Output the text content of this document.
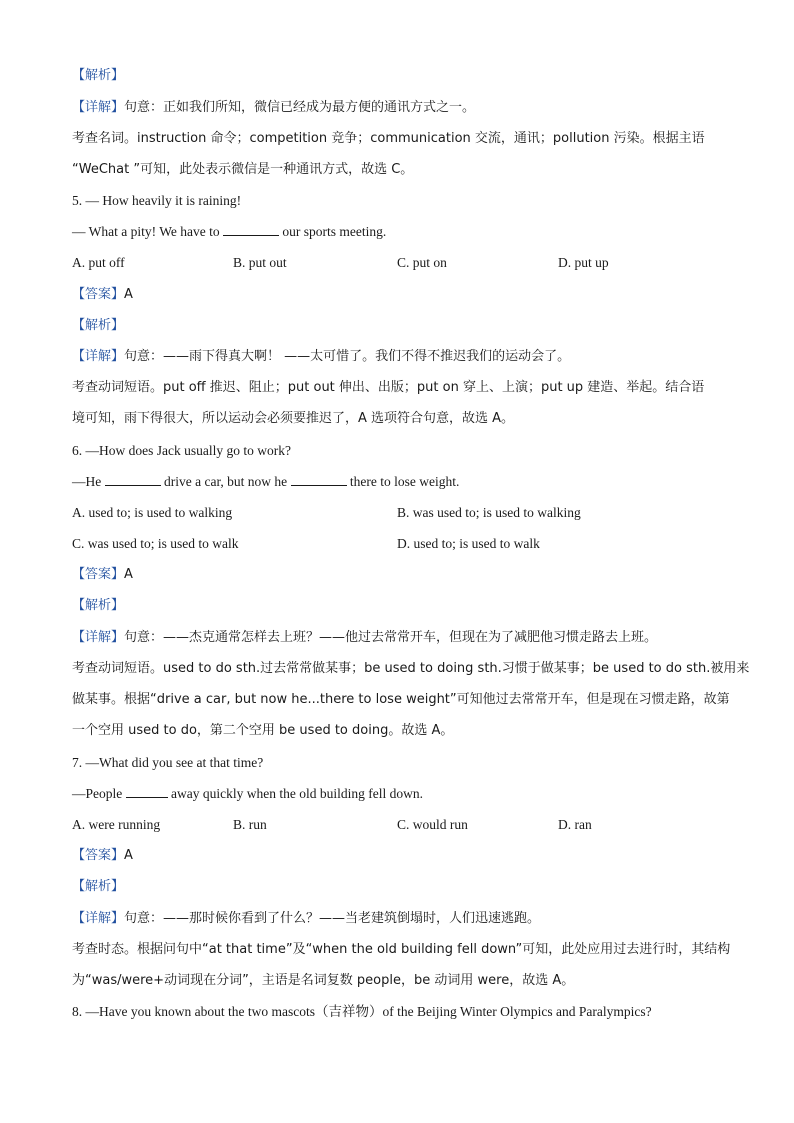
【解析】
【详解】句意：正如我们所知，微信已经成为最方便的通讯方式之一。
考查名词。instruction 命令；competition 竞争；communication 交流，通讯；pollution 污染。根据主语
“WeChat ”可知，此处表示微信是一种通讯方式，故选 C。
5. — How heavily it is raining!
— What a pity! We have to	our sports meeting.
A. put off	B. put out	C. put on	D. put up
【答案】A
【解析】
【详解】句意：——雨下得真大啊！ ——太可惜了。我们不得不推迟我们的运动会了。
考查动词短语。put off 推迟、阻止；put out 伸出、出版；put on 穿上、上演；put up 建造、举起。结合语
境可知，雨下得很大，所以运动会必须要推迟了，A 选项符合句意，故选 A。
6. —How does Jack usually go to work?
—He	drive a car, but now he	there to lose weight.
A. used to; is used to walking	B. was used to; is used to walking
C. was used to; is used to walk	D. used to; is used to walk
【答案】A
【解析】
【详解】句意：——杰克通常怎样去上班？——他过去常常开车，但现在为了减肥他习惯走路去上班。
考查动词短语。used to do sth.过去常常做某事；be used to doing sth.习惯于做某事；be used to do sth.被用来
做某事。根据“drive a car, but now he...there to lose weight”可知他过去常常开车，但是现在习惯走路，故第
一个空用 used to do，第二个空用 be used to doing。故选 A。
7. —What did you see at that time?
—People	away quickly when the old building fell down.
A. were running	B. run	C. would run	D. ran
【答案】A
【解析】
【详解】句意：——那时候你看到了什么？——当老建筑倒塌时，人们迅速逃跑。
考查时态。根据问句中“at that time”及“when the old building fell down”可知，此处应用过去进行时，其结构
为“was/were+动词现在分词”，主语是名词复数 people，be 动词用 were，故选 A。
8. —Have you known about the two mascots（吉祥物）of the Beijing Winter Olympics and Paralympics?
